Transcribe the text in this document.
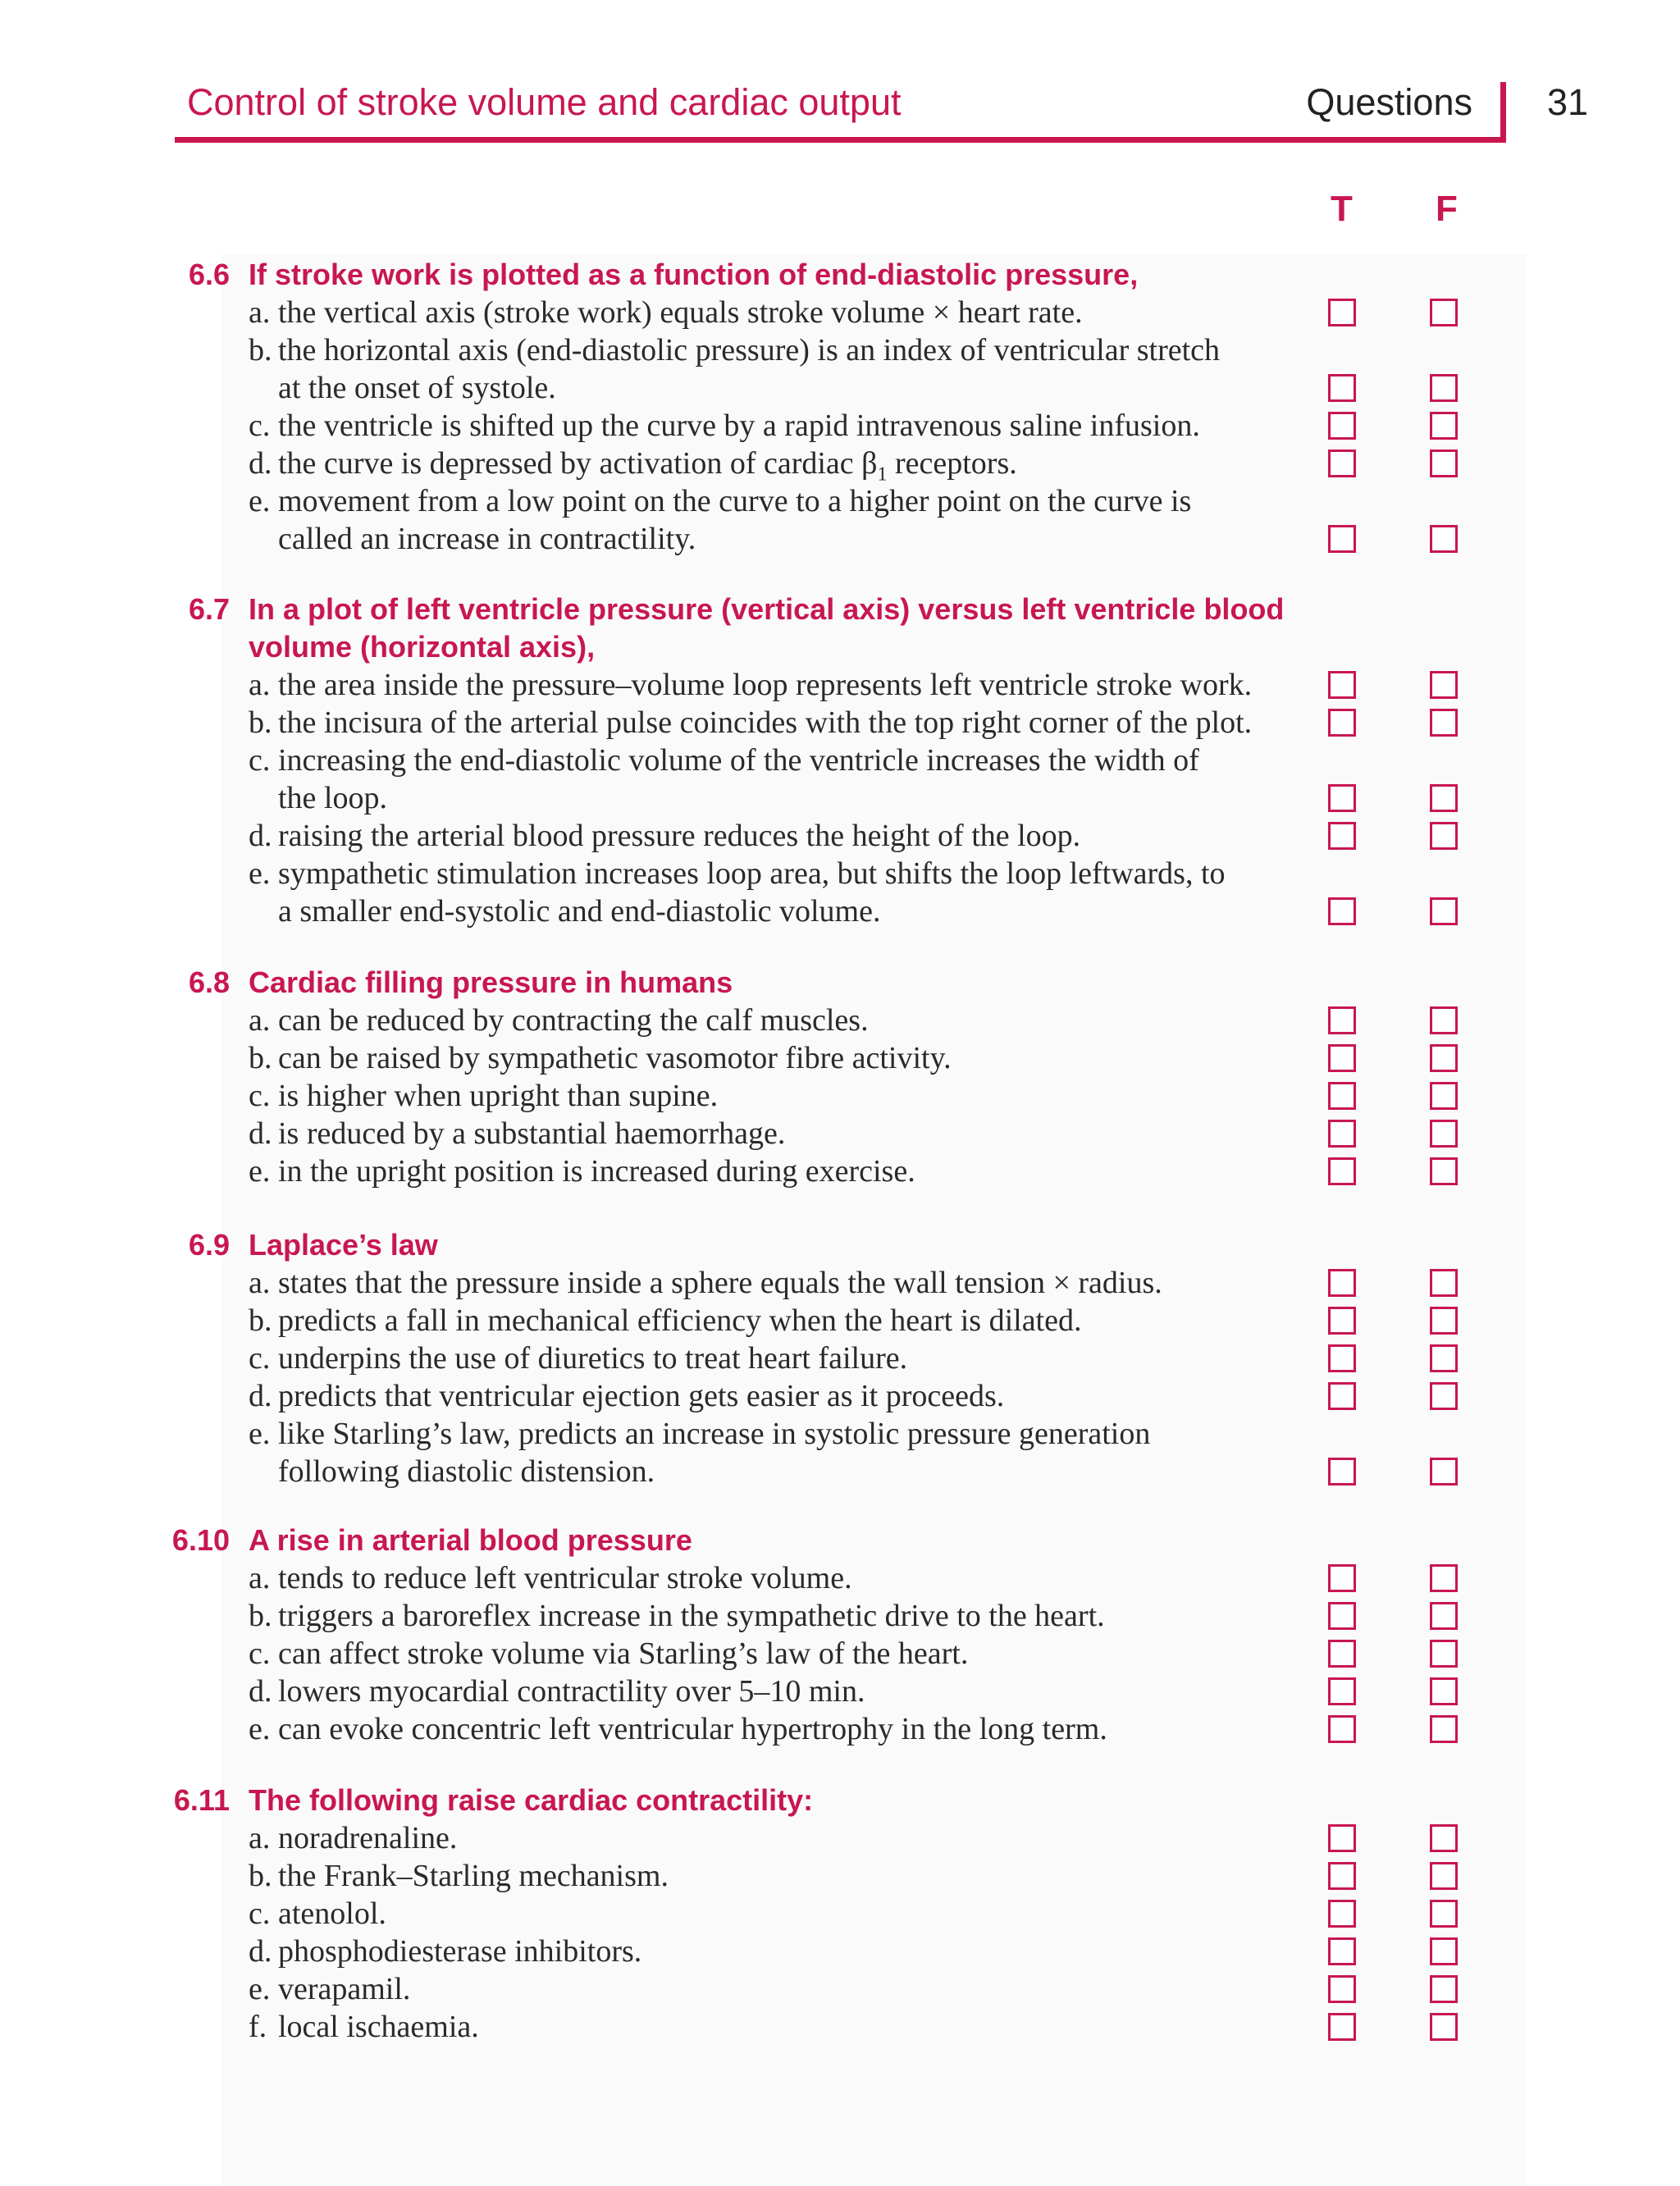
Control of stroke volume and cardiac output	Questions 31
T F
6.6 If stroke work is plotted as a function of end-diastolic pressure,
a. the vertical axis (stroke work) equals stroke volume × heart rate.
b. the horizontal axis (end-diastolic pressure) is an index of ventricular stretch
at the onset of systole.
c. the ventricle is shifted up the curve by a rapid intravenous saline infusion.
d. the curve is depressed by activation of cardiac $\beta_1$ receptors.
e. movement from a low point on the curve to a higher point on the curve is
called an increase in contractility.
6.7 In a plot of left ventricle pressure (vertical axis) versus left ventricle blood
volume (horizontal axis),
a. the area inside the pressure–volume loop represents left ventricle stroke work.
b. the incisura of the arterial pulse coincides with the top right corner of the plot.
c. increasing the end-diastolic volume of the ventricle increases the width of
the loop.
d. raising the arterial blood pressure reduces the height of the loop.
e. sympathetic stimulation increases loop area, but shifts the loop leftwards, to
a smaller end-systolic and end-diastolic volume.
6.8 Cardiac filling pressure in humans
a. can be reduced by contracting the calf muscles.
b. can be raised by sympathetic vasomotor fibre activity.
c. is higher when upright than supine.
d. is reduced by a substantial haemorrhage.
e. in the upright position is increased during exercise.
6.9 Laplace’s law
a. states that the pressure inside a sphere equals the wall tension × radius.
b. predicts a fall in mechanical efficiency when the heart is dilated.
c. underpins the use of diuretics to treat heart failure.
d. predicts that ventricular ejection gets easier as it proceeds.
e. like Starling’s law, predicts an increase in systolic pressure generation
following diastolic distension.
6.10 A rise in arterial blood pressure
a. tends to reduce left ventricular stroke volume.
b. triggers a baroreflex increase in the sympathetic drive to the heart.
c. can affect stroke volume via Starling’s law of the heart.
d. lowers myocardial contractility over 5–10 min.
e. can evoke concentric left ventricular hypertrophy in the long term.
6.11 The following raise cardiac contractility:
a. noradrenaline.
b. the Frank–Starling mechanism.
c. atenolol.
d. phosphodiesterase inhibitors.
e. verapamil.
f. local ischaemia.
